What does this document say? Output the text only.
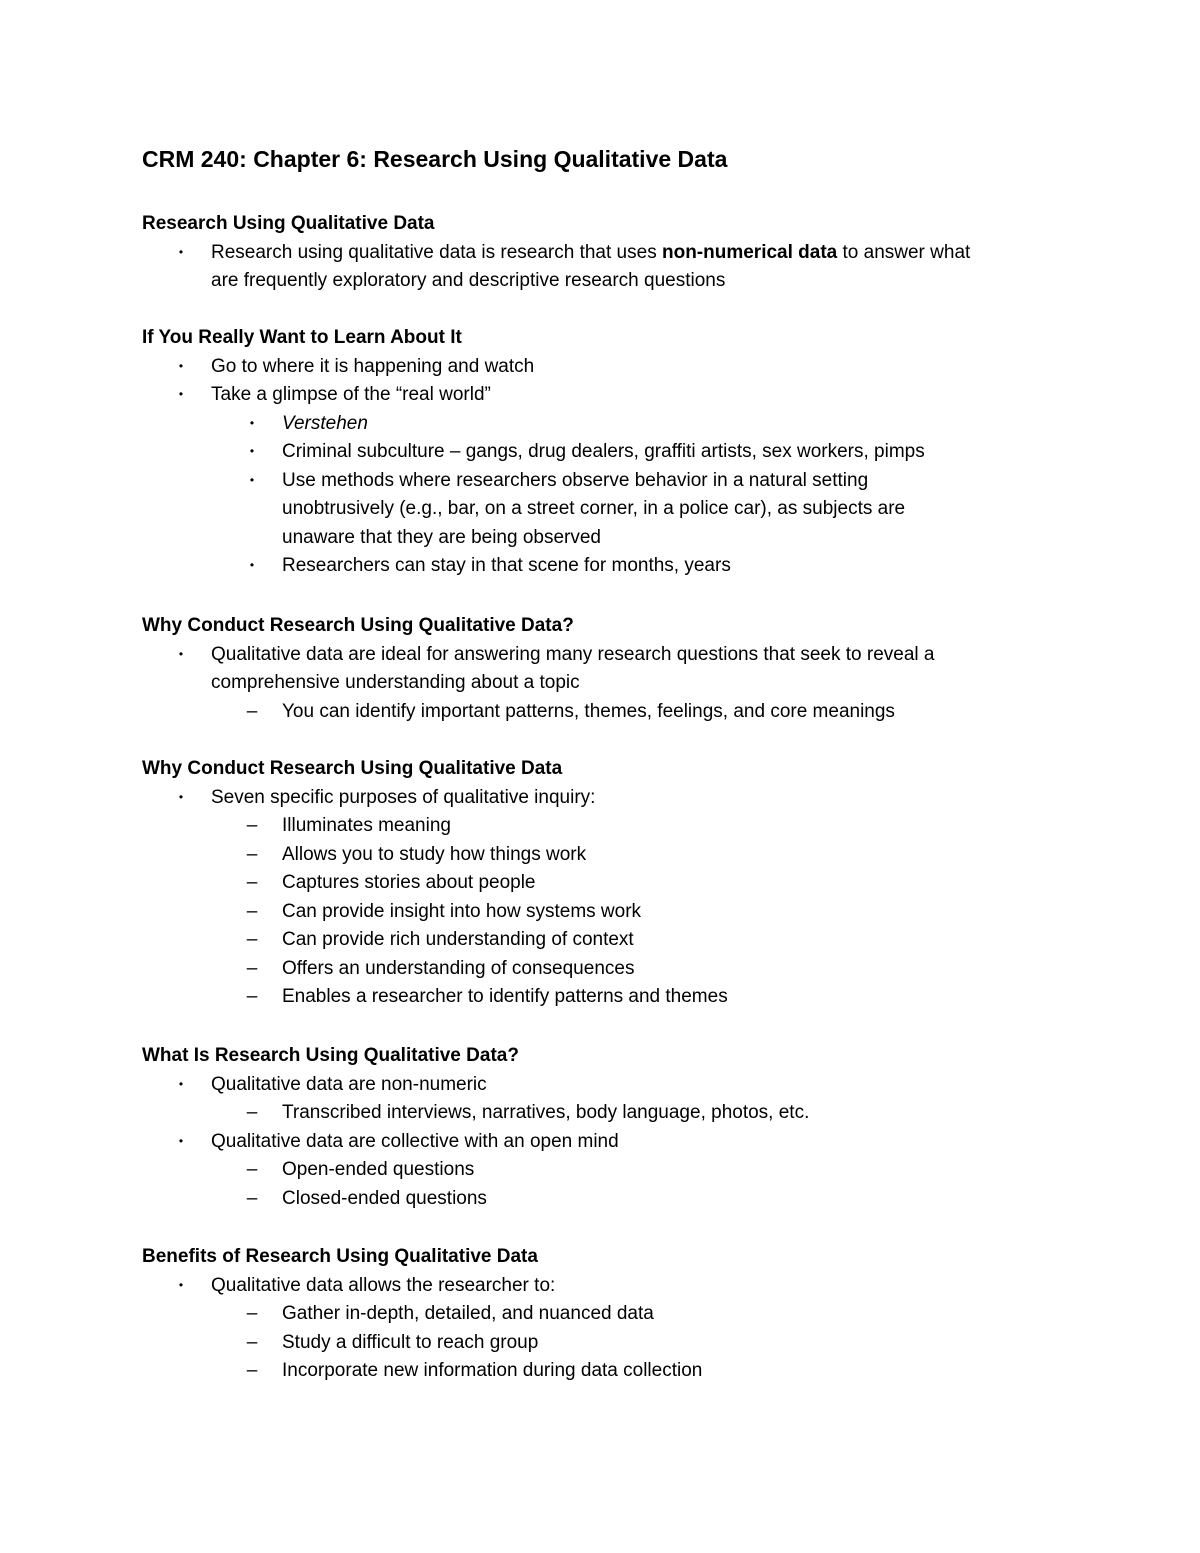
CRM 240: Chapter 6: Research Using Qualitative Data
Research Using Qualitative Data
•	Research using qualitative data is research that uses non-numerical data to answer what
are frequently exploratory and descriptive research questions
If You Really Want to Learn About It
•	Go to where it is happening and watch
•	Take a glimpse of the “real world”
•	Verstehen
•	Criminal subculture – gangs, drug dealers, graffiti artists, sex workers, pimps
•	Use methods where researchers observe behavior in a natural setting
unobtrusively (e.g., bar, on a street corner, in a police car), as subjects are
unaware that they are being observed
•	Researchers can stay in that scene for months, years
Why Conduct Research Using Qualitative Data?
•	Qualitative data are ideal for answering many research questions that seek to reveal a
comprehensive understanding about a topic
– You can identify important patterns, themes, feelings, and core meanings
Why Conduct Research Using Qualitative Data
•	Seven specific purposes of qualitative inquiry:
– Illuminates meaning
– Allows you to study how things work
– Captures stories about people
– Can provide insight into how systems work
– Can provide rich understanding of context
– Offers an understanding of consequences
– Enables a researcher to identify patterns and themes
What Is Research Using Qualitative Data?
•	Qualitative data are non-numeric
– Transcribed interviews, narratives, body language, photos, etc.
•	Qualitative data are collective with an open mind
– Open-ended questions
– Closed-ended questions
Benefits of Research Using Qualitative Data
•	Qualitative data allows the researcher to:
– Gather in-depth, detailed, and nuanced data
– Study a difficult to reach group
– Incorporate new information during data collection
